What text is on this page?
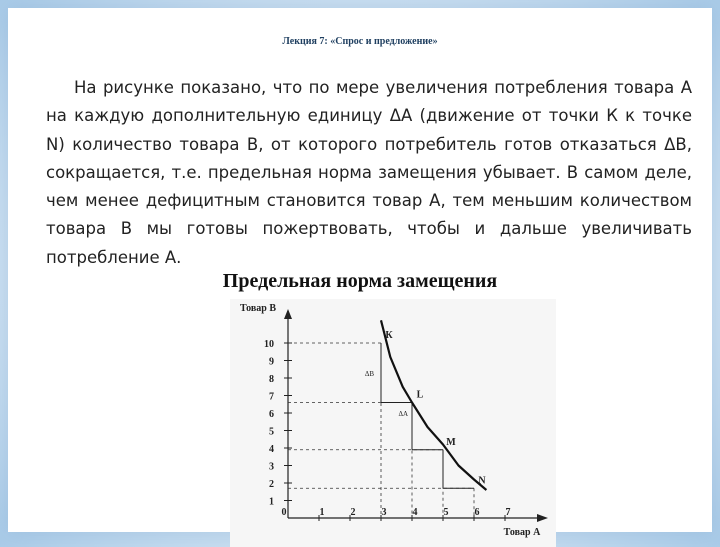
Лекция 7: «Спрос и предложение»
На рисунке показано, что по мере увеличения потребления товара А на каждую дополнительную единицу ΔА (движение от точки К к точке N) количество товара В, от которого потребитель готов отказаться ΔВ, сокращается, т.е. предельная норма замещения убывает. В самом деле, чем менее дефицитным становится товар А, тем меньшим количеством товара В мы готовы пожертвовать, чтобы и дальше увеличивать потребление А.
Предельная норма замещения
Товар В
Товар А
1
2
3
4
5
6
7
8
9
10
0	1	2	3	4	5	6	7
К
L
M
N
ΔB
ΔA
